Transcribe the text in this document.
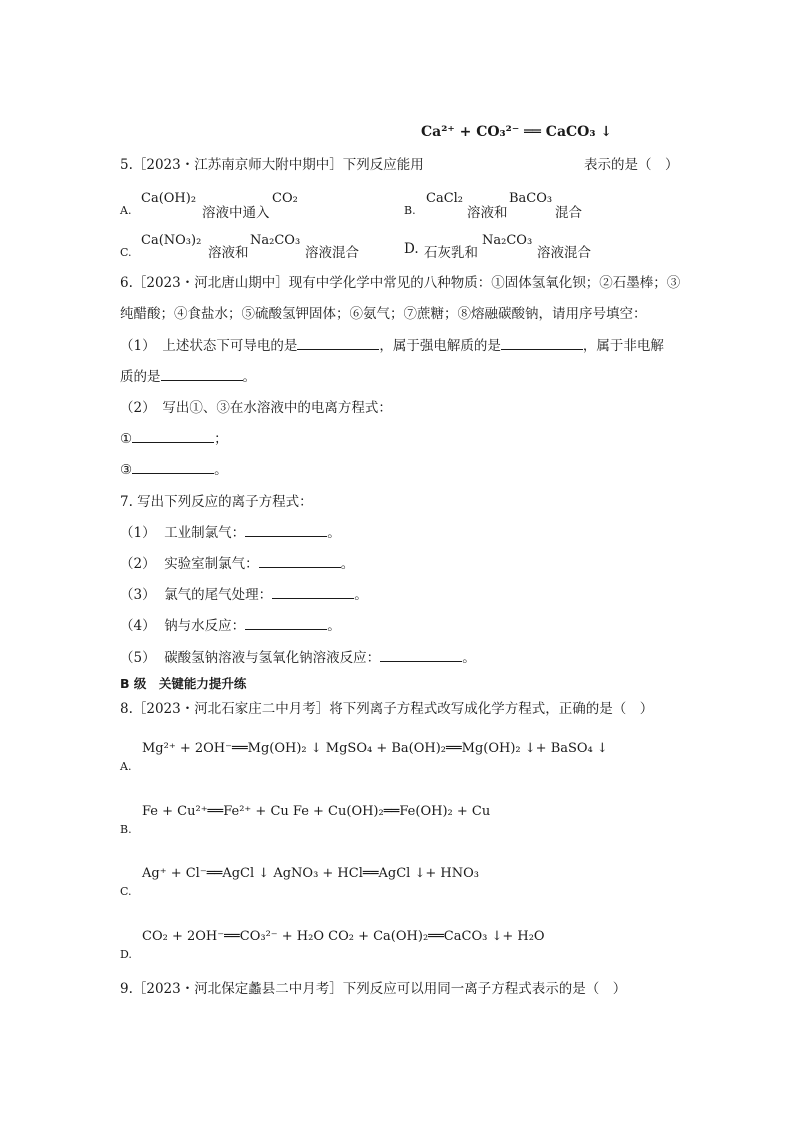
Ca²⁺ + CO₃²⁻ ══ CaCO₃ ↓
5.［2023・江苏南京师大附中期中］下列反应能用	表示的是（　）
A.
Ca(OH)₂
溶液中通入
CO₂
B.
CaCl₂
溶液和
BaCO₃
混合
C.
Ca(NO₃)₂
溶液和
Na₂CO₃
溶液混合	D. 石灰乳和
Na₂CO₃
溶液混合
6.［2023・河北唐山期中］现有中学化学中常见的八种物质：①固体氢氧化钡；②石墨棒；③
纯醋酸；④食盐水；⑤硫酸氢钾固体；⑥氨气；⑦蔗糖；⑧熔融碳酸钠，请用序号填空：
（1）　上述状态下可导电的是	，属于强电解质的是	，属于非电解
质的是	。
（2）　写出①、③在水溶液中的电离方程式：
①	；
③	。
7. 写出下列反应的离子方程式：
（1） 工业制氯气：	。
（2） 实验室制氯气：	。
（3） 氯气的尾气处理：	。
（4） 钠与水反应：	。
（5） 碳酸氢钠溶液与氢氧化钠溶液反应：	。
B 级　关键能力提升练
8.［2023・河北石家庄二中月考］将下列离子方程式改写成化学方程式，正确的是（　）
Mg²⁺ + 2OH⁻══Mg(OH)₂ ↓ MgSO₄ + Ba(OH)₂══Mg(OH)₂ ↓+ BaSO₄ ↓
A.
Fe + Cu²⁺══Fe²⁺ + Cu Fe + Cu(OH)₂══Fe(OH)₂ + Cu
B.
Ag⁺ + Cl⁻══AgCl ↓ AgNO₃ + HCl══AgCl ↓+ HNO₃
C.
CO₂ + 2OH⁻══CO₃²⁻ + H₂O CO₂ + Ca(OH)₂══CaCO₃ ↓+ H₂O
D.
9.［2023・河北保定蠡县二中月考］下列反应可以用同一离子方程式表示的是（　）
